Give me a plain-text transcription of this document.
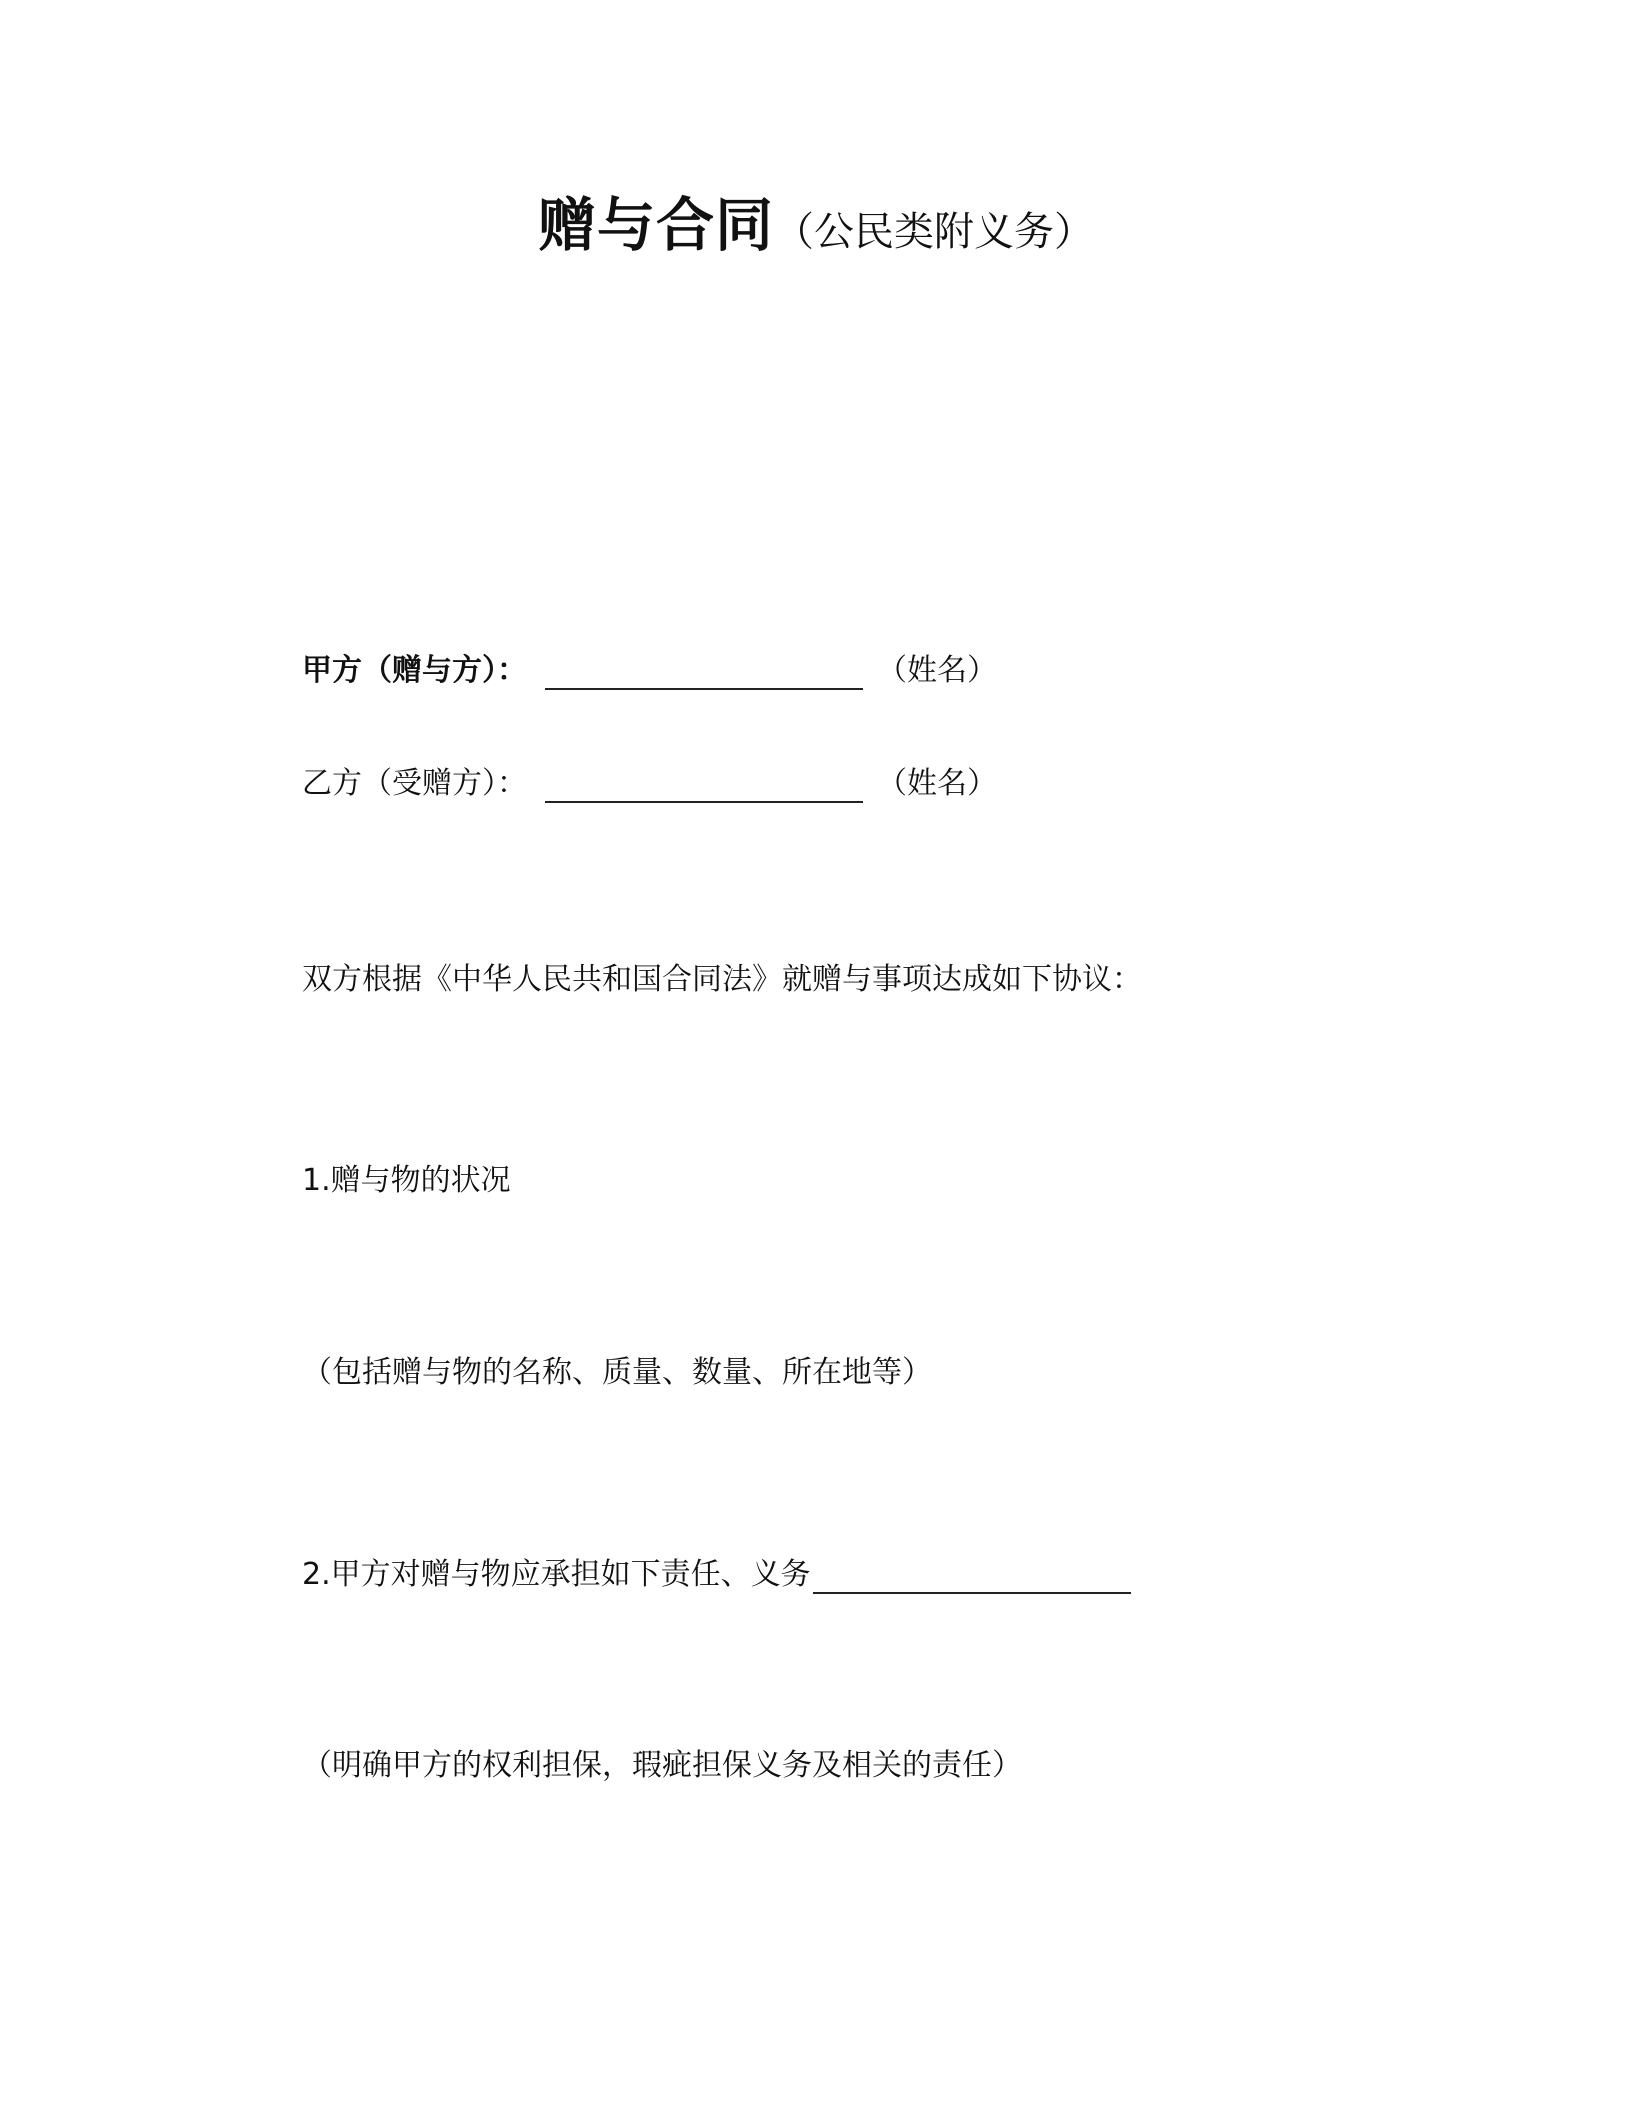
赠与合同（公民类附义务）
甲方（赠与方）：	（姓名）
乙方（受赠方）：	（姓名）
双方根据《中华人民共和国合同法》就赠与事项达成如下协议：
1.赠与物的状况
（包括赠与物的名称、质量、数量、所在地等）
2.甲方对赠与物应承担如下责任、义务
（明确甲方的权利担保，瑕疵担保义务及相关的责任）
